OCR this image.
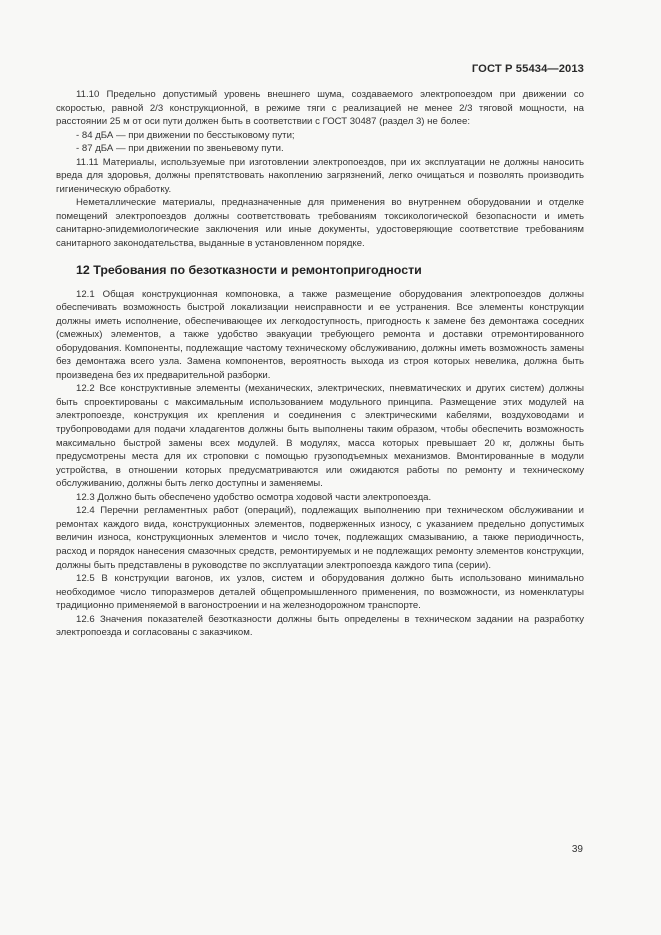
ГОСТ Р 55434—2013

11.10 Предельно допустимый уровень внешнего шума, создаваемого электропоездом при движении со скоростью, равной 2/3 конструкционной, в режиме тяги с реализацией не менее 2/3 тяговой мощности, на расстоянии 25 м от оси пути должен быть в соответствии с ГОСТ 30487 (раздел 3) не более:

- 84 дБА — при движении по бесстыковому пути;

- 87 дБА — при движении по звеньевому пути.

11.11 Материалы, используемые при изготовлении электропоездов, при их эксплуатации не должны наносить вреда для здоровья, должны препятствовать накоплению загрязнений, легко очищаться и позволять производить гигиеническую обработку.

Неметаллические материалы, предназначенные для применения во внутреннем оборудовании и отделке помещений электропоездов должны соответствовать требованиям токсикологической безопасности и иметь санитарно-эпидемиологические заключения или иные документы, удостоверяющие соответствие требованиям санитарного законодательства, выданные в установленном порядке.

12 Требования по безотказности и ремонтопригодности

12.1 Общая конструкционная компоновка, а также размещение оборудования электропоездов должны обеспечивать возможность быстрой локализации неисправности и ее устранения. Все элементы конструкции должны иметь исполнение, обеспечивающее их легкодоступность, пригодность к замене без демонтажа соседних (смежных) элементов, а также удобство эвакуации требующего ремонта и доставки отремонтированного оборудования. Компоненты, подлежащие частому техническому обслуживанию, должны иметь возможность замены без демонтажа всего узла. Замена компонентов, вероятность выхода из строя которых невелика, должна быть произведена без их предварительной разборки.

12.2 Все конструктивные элементы (механических, электрических, пневматических и других систем) должны быть спроектированы с максимальным использованием модульного принципа. Размещение этих модулей на электропоезде, конструкция их крепления и соединения с электрическими кабелями, воздуховодами и трубопроводами для подачи хладагентов должны быть выполнены таким образом, чтобы обеспечить возможность максимально быстрой замены всех модулей. В модулях, масса которых превышает 20 кг, должны быть предусмотрены места для их строповки с помощью грузоподъемных механизмов. Вмонтированные в модули устройства, в отношении которых предусматриваются или ожидаются работы по ремонту и техническому обслуживанию, должны быть легко доступны и заменяемы.

12.3 Должно быть обеспечено удобство осмотра ходовой части электропоезда.

12.4 Перечни регламентных работ (операций), подлежащих выполнению при техническом обслуживании и ремонтах каждого вида, конструкционных элементов, подверженных износу, с указанием предельно допустимых величин износа, конструкционных элементов и число точек, подлежащих смазыванию, а также периодичность, расход и порядок нанесения смазочных средств, ремонтируемых и не подлежащих ремонту элементов конструкции, должны быть представлены в руководстве по эксплуатации электропоезда каждого типа (серии).

12.5 В конструкции вагонов, их узлов, систем и оборудования должно быть использовано минимально необходимое число типоразмеров деталей общепромышленного применения, по возможности, из номенклатуры традиционно применяемой в вагоностроении и на железнодорожном транспорте.

12.6 Значения показателей безотказности должны быть определены в техническом задании на разработку электропоезда и согласованы с заказчиком.

39
